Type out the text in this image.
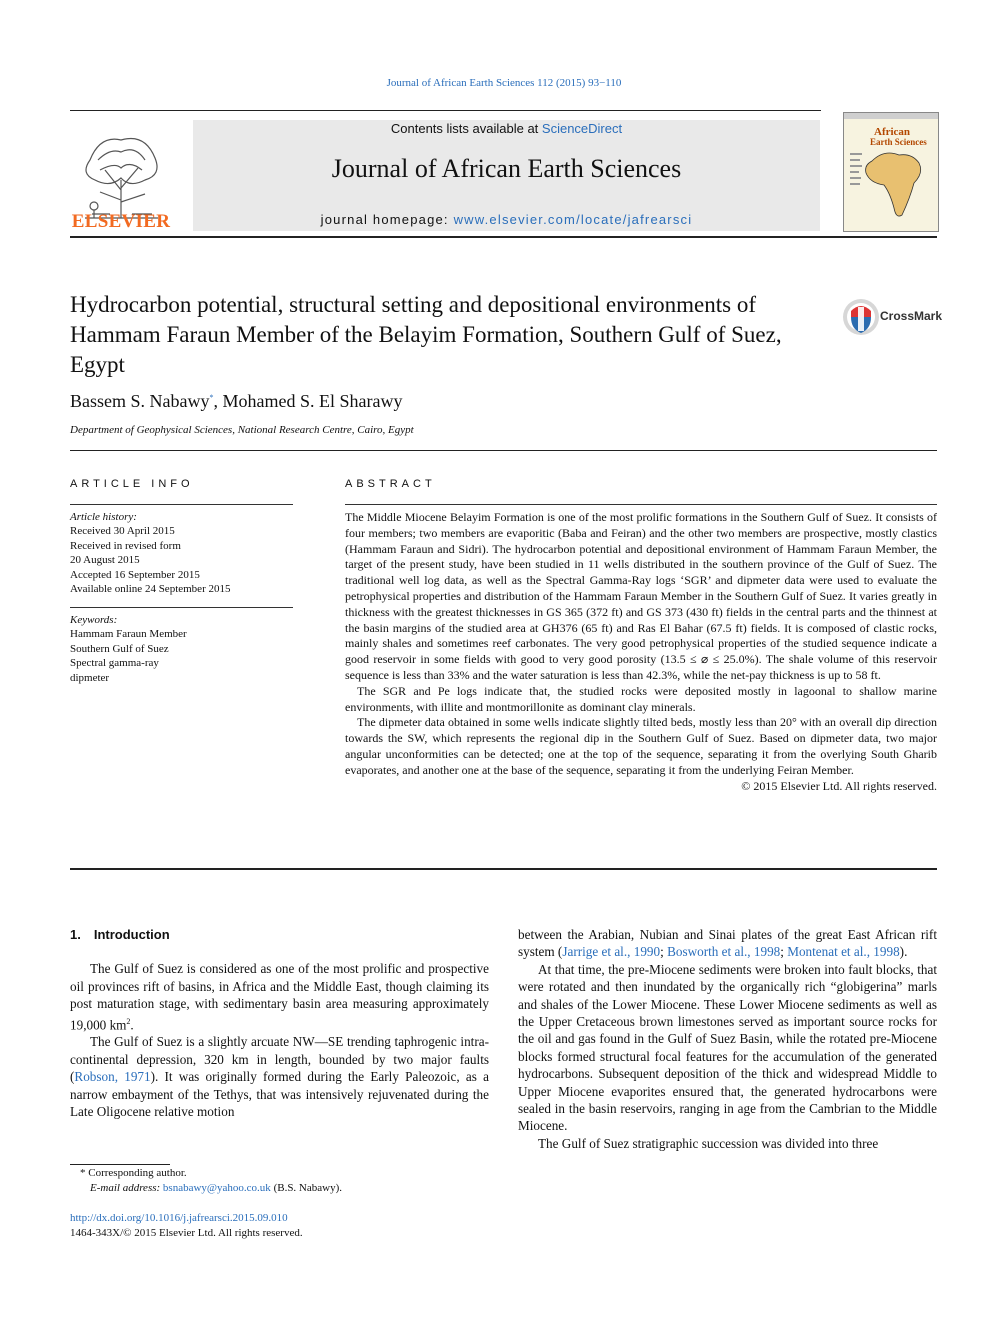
Journal of African Earth Sciences 112 (2015) 93−110
ELSEVIER
Contents lists available at ScienceDirect
Journal of African Earth Sciences
journal homepage: www.elsevier.com/locate/jafrearsci
African
Earth Sciences
Hydrocarbon potential, structural setting and depositional environments of Hammam Faraun Member of the Belayim Formation, Southern Gulf of Suez, Egypt
CrossMark
Bassem S. Nabawy*, Mohamed S. El Sharawy
Department of Geophysical Sciences, National Research Centre, Cairo, Egypt
ARTICLE INFO
Article history:
Received 30 April 2015
Received in revised form
20 August 2015
Accepted 16 September 2015
Available online 24 September 2015
Keywords:
Hammam Faraun Member
Southern Gulf of Suez
Spectral gamma-ray
dipmeter
ABSTRACT

The Middle Miocene Belayim Formation is one of the most prolific formations in the Southern Gulf of Suez. It consists of four members; two members are evaporitic (Baba and Feiran) and the other two members are prospective, mostly clastics (Hammam Faraun and Sidri). The hydrocarbon potential and depositional environment of Hammam Faraun Member, the target of the present study, have been studied in 11 wells distributed in the southern province of the Gulf of Suez. The traditional well log data, as well as the Spectral Gamma-Ray logs ‘SGR’ and dipmeter data were used to evaluate the petrophysical properties and distribution of the Hammam Faraun Member in the Southern Gulf of Suez. It varies greatly in thickness with the greatest thicknesses in GS 365 (372 ft) and GS 373 (430 ft) fields in the central parts and the thinnest at the basin margins of the studied area at GH376 (65 ft) and Ras El Bahar (67.5 ft) fields. It is composed of clastic rocks, mainly shales and sometimes reef carbonates. The very good petrophysical properties of the studied sequence indicate a good reservoir in some fields with good to very good porosity (13.5 ≤ ⌀ ≤ 25.0%). The shale volume of this reservoir sequence is less than 33% and the water saturation is less than 42.3%, while the net-pay thickness is up to 58 ft.

The SGR and Pe logs indicate that, the studied rocks were deposited mostly in lagoonal to shallow marine environments, with illite and montmorillonite as dominant clay minerals.

The dipmeter data obtained in some wells indicate slightly tilted beds, mostly less than 20° with an overall dip direction towards the SW, which represents the regional dip in the Southern Gulf of Suez. Based on dipmeter data, two major angular unconformities can be detected; one at the top of the sequence, separating it from the overlying South Gharib evaporates, and another one at the base of the sequence, separating it from the underlying Feiran Member.

© 2015 Elsevier Ltd. All rights reserved.

1. Introduction

The Gulf of Suez is considered as one of the most prolific and prospective oil provinces rift of basins, in Africa and the Middle East, though claiming its post maturation stage, with sedimentary basin area measuring approximately 19,000 $km^2$.

The Gulf of Suez is a slightly arcuate NW—SE trending taphrogenic intra-continental depression, 320 km in length, bounded by two major faults (Robson, 1971). It was originally formed during the Early Paleozoic, as a narrow embayment of the Tethys, that was intensively rejuvenated during the Late Oligocene relative motion

between the Arabian, Nubian and Sinai plates of the great East African rift system (Jarrige et al., 1990; Bosworth et al., 1998; Montenat et al., 1998).

At that time, the pre-Miocene sediments were broken into fault blocks, that were rotated and then inundated by the organically rich “globigerina” marls and shales of the Lower Miocene. These Lower Miocene sediments as well as the Upper Cretaceous brown limestones served as important source rocks for the oil and gas found in the Gulf of Suez Basin, while the rotated pre-Miocene blocks formed structural focal features for the accumulation of the generated hydrocarbons. Subsequent deposition of the thick and widespread Middle to Upper Miocene evaporites ensured that, the generated hydrocarbons were sealed in the basin reservoirs, ranging in age from the Cambrian to the Middle Miocene.

The Gulf of Suez stratigraphic succession was divided into three

* Corresponding author.
E-mail address: bsnabawy@yahoo.co.uk (B.S. Nabawy).
http://dx.doi.org/10.1016/j.jafrearsci.2015.09.010
1464-343X/© 2015 Elsevier Ltd. All rights reserved.
